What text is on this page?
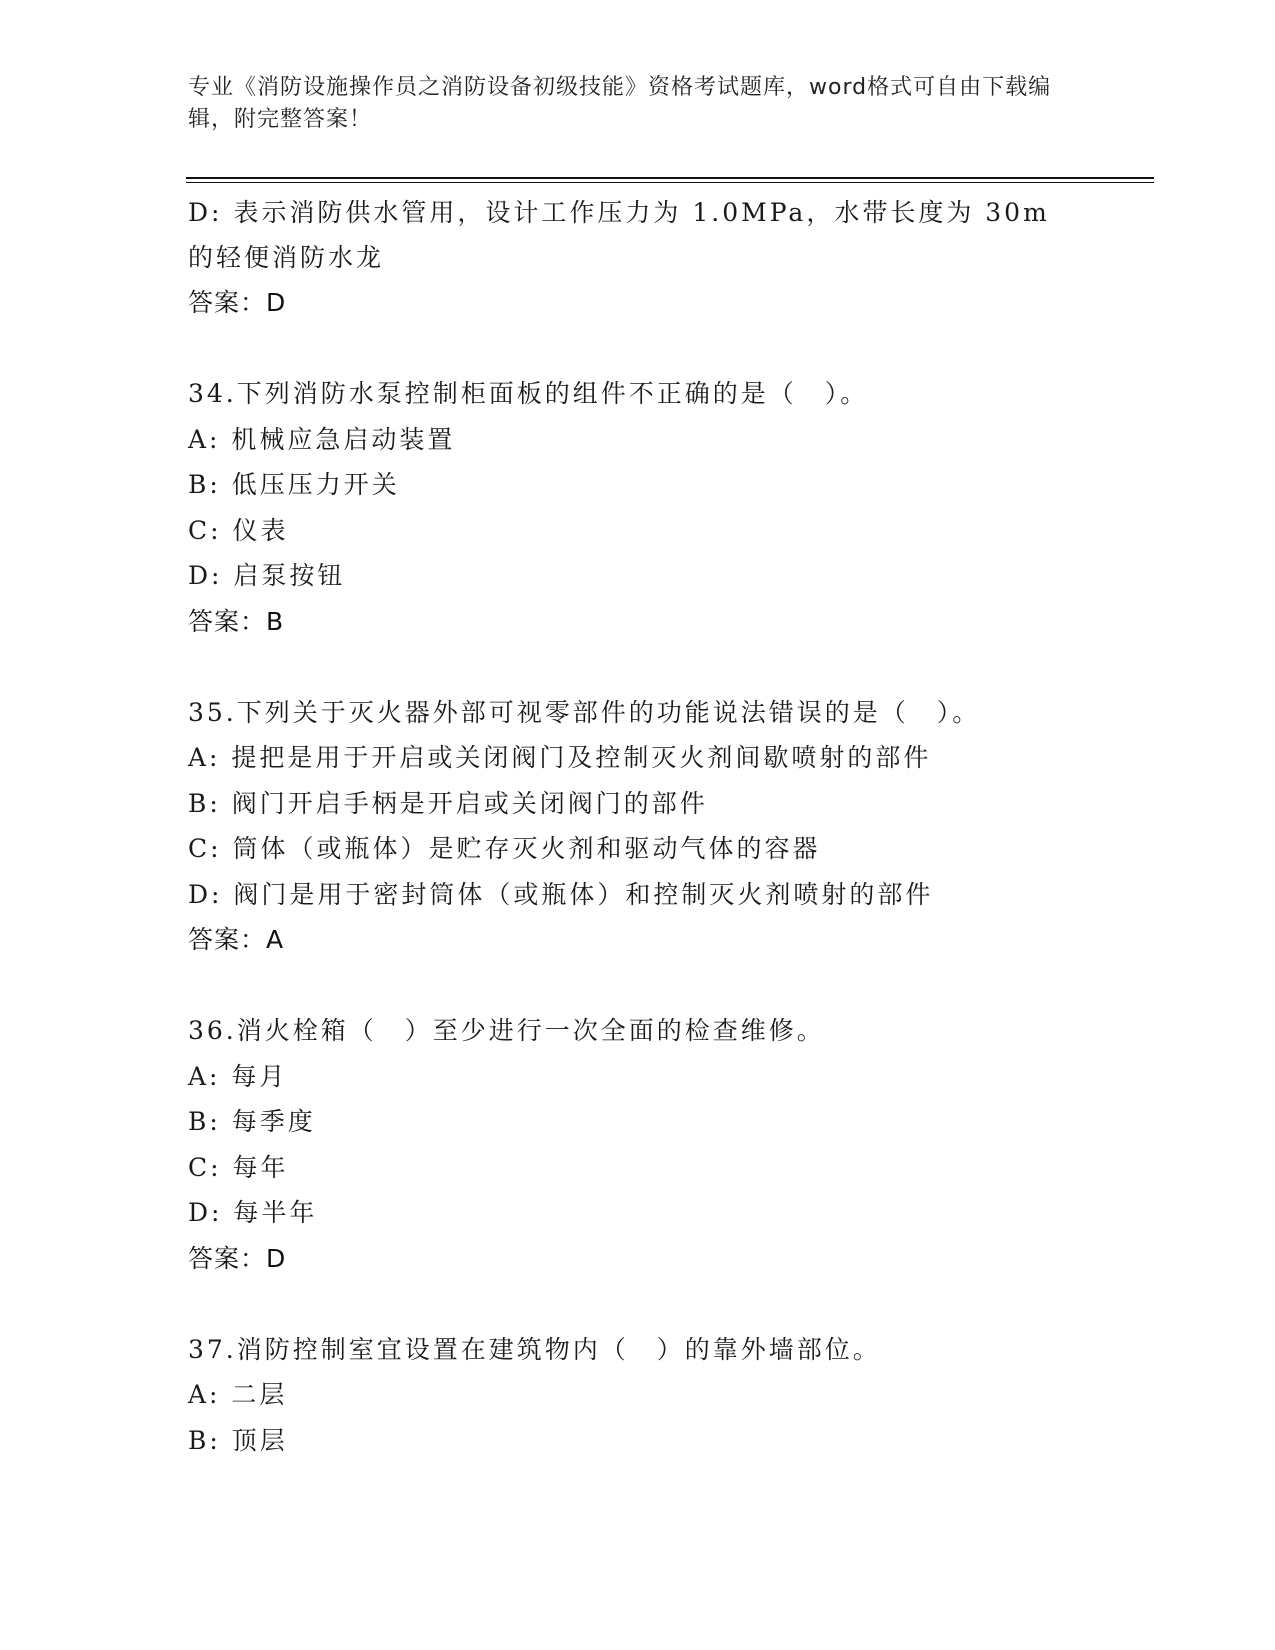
专业《消防设施操作员之消防设备初级技能》资格考试题库，word格式可自由下载编辑，附完整答案！
D: 表示消防供水管用，设计工作压力为 1.0MPa，水带长度为 30m 的轻便消防水龙
答案：D
34.下列消防水泵控制柜面板的组件不正确的是（　）。
A: 机械应急启动装置
B: 低压压力开关
C: 仪表
D: 启泵按钮
答案：B
35.下列关于灭火器外部可视零部件的功能说法错误的是（　）。
A: 提把是用于开启或关闭阀门及控制灭火剂间歇喷射的部件
B: 阀门开启手柄是开启或关闭阀门的部件
C: 筒体（或瓶体）是贮存灭火剂和驱动气体的容器
D: 阀门是用于密封筒体（或瓶体）和控制灭火剂喷射的部件
答案：A
36.消火栓箱（　）至少进行一次全面的检查维修。
A: 每月
B: 每季度
C: 每年
D: 每半年
答案：D
37.消防控制室宜设置在建筑物内（　）的靠外墙部位。
A: 二层
B: 顶层
